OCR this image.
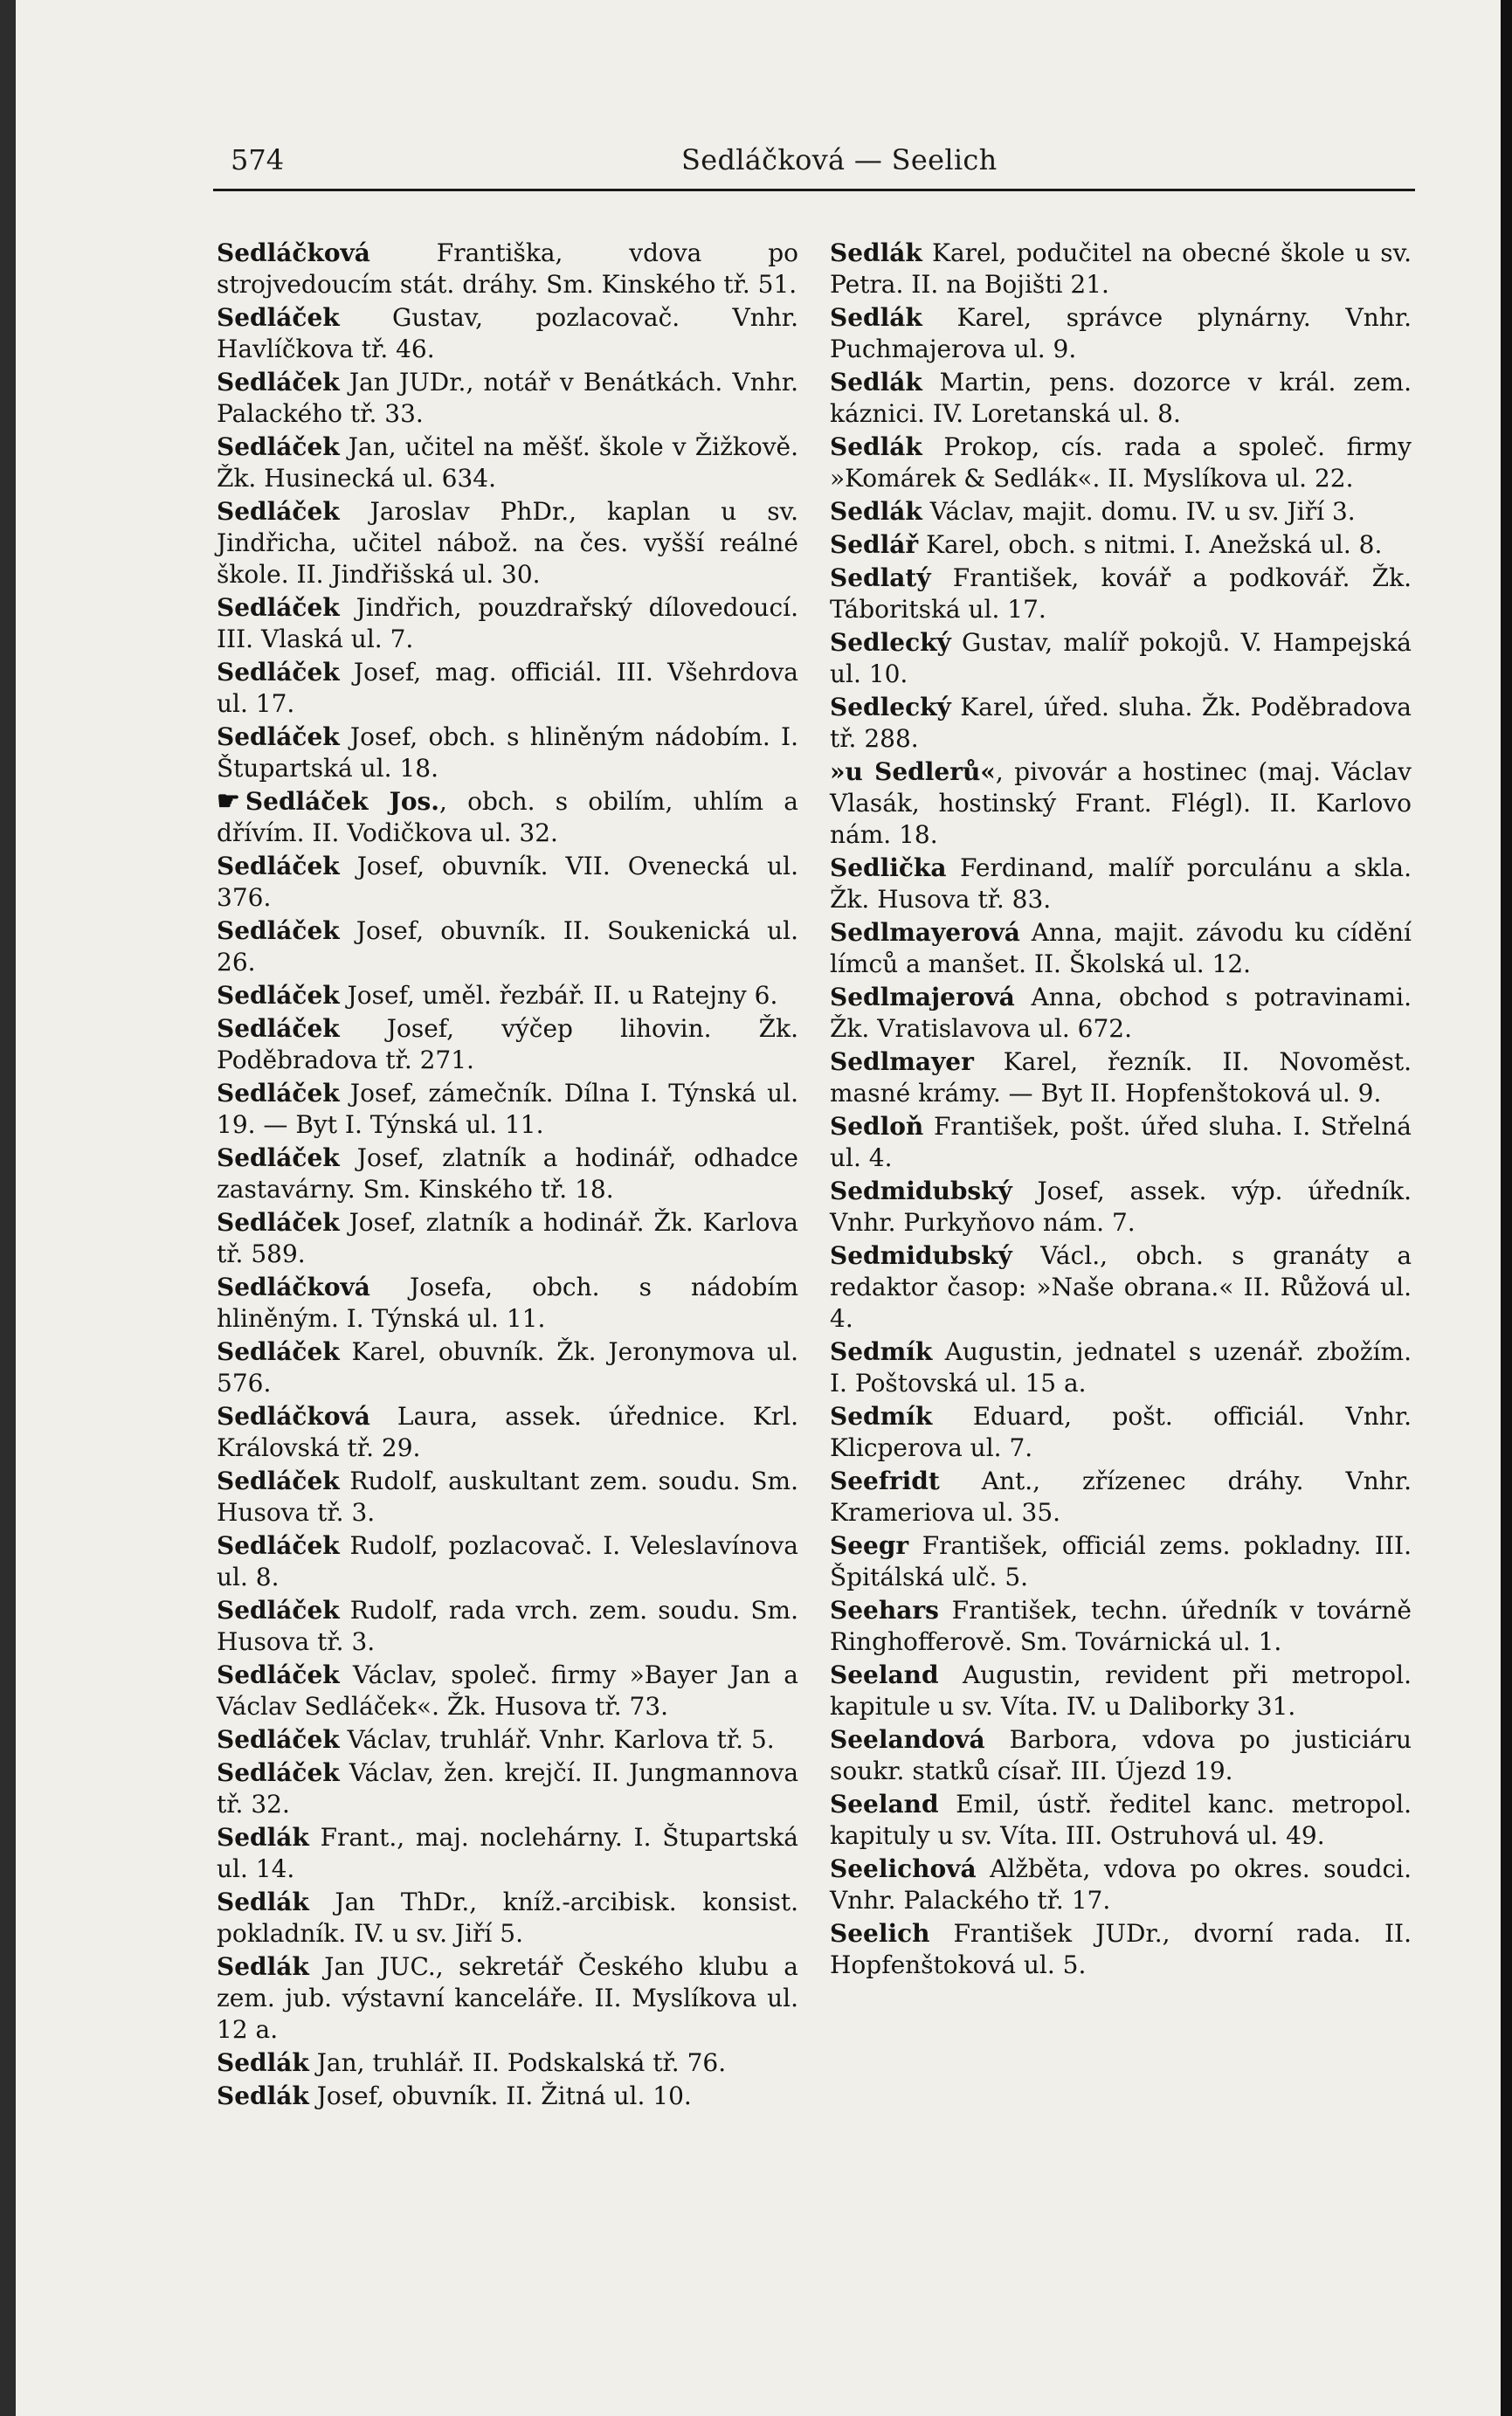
574	Sedláčková — Seelich

Sedláčková	Františka, vdova po strojvedoucím stát. dráhy. Sm. Kinského tř. 51.

Sedláček Gustav, pozlacovač. Vnhr. Havlíčkova tř. 46.

Sedláček Jan JUDr., notář v Benátkách. Vnhr. Palackého tř. 33.

Sedláček Jan, učitel na měšť. škole v Žižkově. Žk. Husinecká ul. 634.

Sedláček Jaroslav PhDr., kaplan u sv. Jindřicha, učitel nábož. na čes. vyšší reálné škole. II. Jindřišská ul. 30.

Sedláček Jindřich, pouzdrařský dílovedoucí. III. Vlaská ul. 7.

Sedláček Josef, mag. officiál. III. Všehrdova ul. 17.

Sedláček Josef, obch. s hliněným nádobím. I. Štupartská ul. 18.

☛ Sedláček Jos., obch. s obilím, uhlím a dřívím. II. Vodičkova ul. 32.

Sedláček Josef, obuvník. VII. Ovenecká ul. 376.

Sedláček Josef, obuvník. II. Soukenická ul. 26.

Sedláček Josef, uměl. řezbář. II. u Ratejny 6.

Sedláček Josef, výčep lihovin. Žk. Poděbradova tř. 271.

Sedláček Josef, zámečník. Dílna I. Týnská ul. 19. — Byt I. Týnská ul. 11.

Sedláček Josef, zlatník a hodinář, odhadce zastavárny. Sm. Kinského tř. 18.

Sedláček Josef, zlatník a hodinář. Žk. Karlova tř. 589.

Sedláčková Josefa, obch. s nádobím hliněným. I. Týnská ul. 11.

Sedláček Karel, obuvník. Žk. Jeronymova ul. 576.

Sedláčková Laura, assek. úřednice. Krl. Královská tř. 29.

Sedláček Rudolf, auskultant zem. soudu. Sm. Husova tř. 3.

Sedláček Rudolf, pozlacovač. I. Veleslavínova ul. 8.

Sedláček Rudolf, rada vrch. zem. soudu. Sm. Husova tř. 3.

Sedláček Václav, společ. firmy »Bayer Jan a Václav Sedláček«. Žk. Husova tř. 73.

Sedláček Václav, truhlář. Vnhr. Karlova tř. 5.

Sedláček Václav, žen. krejčí. II. Jungmannova tř. 32.

Sedlák Frant., maj. noclehárny. I. Štupartská ul. 14.

Sedlák Jan ThDr., kníž.-arcibisk. konsist. pokladník. IV. u sv. Jiří 5.

Sedlák Jan JUC., sekretář Českého klubu a zem. jub. výstavní kanceláře. II. Myslíkova ul. 12 a.

Sedlák Jan, truhlář. II. Podskalská tř. 76.

Sedlák Josef, obuvník. II. Žitná ul. 10.

Sedlák Karel, podučitel na obecné škole u sv. Petra. II. na Bojišti 21.

Sedlák Karel, správce plynárny. Vnhr. Puchmajerova ul. 9.

Sedlák Martin, pens. dozorce v král. zem. káznici. IV. Loretanská ul. 8.

Sedlák Prokop, cís. rada a společ. firmy »Komárek & Sedlák«. II. Myslíkova ul. 22.

Sedlák Václav, majit. domu. IV. u sv. Jiří 3.

Sedlář Karel, obch. s nitmi. I. Anežská ul. 8.

Sedlatý František, kovář a podkovář. Žk. Táboritská ul. 17.

Sedlecký Gustav, malíř pokojů. V. Hampejská ul. 10.

Sedlecký Karel, úřed. sluha. Žk. Poděbradova tř. 288.

»u Sedlerů«, pivovár a hostinec (maj. Václav Vlasák, hostinský Frant. Flégl). II. Karlovo nám. 18.

Sedlička Ferdinand, malíř porculánu a skla. Žk. Husova tř. 83.

Sedlmayerová Anna, majit. závodu ku cídění límců a manšet. II. Školská ul. 12.

Sedlmajerová Anna, obchod s potravinami. Žk. Vratislavova ul. 672.

Sedlmayer Karel, řezník. II. Novoměst. masné krámy. — Byt II. Hopfenštoková ul. 9.

Sedloň František, pošt. úřed sluha. I. Střelná ul. 4.

Sedmidubský Josef, assek. výp. úředník. Vnhr. Purkyňovo nám. 7.

Sedmidubský Václ., obch. s granáty a redaktor časop: »Naše obrana.« II. Růžová ul. 4.

Sedmík Augustin, jednatel s uzenář. zbožím. I. Poštovská ul. 15 a.

Sedmík Eduard, pošt. officiál. Vnhr. Klicperova ul. 7.

Seefridt Ant., zřízenec dráhy. Vnhr. Krameriova ul. 35.

Seegr František, officiál zems. pokladny. III. Špitálská ulč. 5.

Seehars František, techn. úředník v továrně Ringhofferově. Sm. Továrnická ul. 1.

Seeland Augustin, revident při metropol. kapitule u sv. Víta. IV. u Daliborky 31.

Seelandová Barbora, vdova po justiciáru soukr. statků císař. III. Újezd 19.

Seeland Emil, ústř. ředitel kanc. metropol. kapituly u sv. Víta. III. Ostruhová ul. 49.

Seelichová Alžběta, vdova po okres. soudci. Vnhr. Palackého tř. 17.

Seelich František JUDr., dvorní rada. II. Hopfenštoková ul. 5.
